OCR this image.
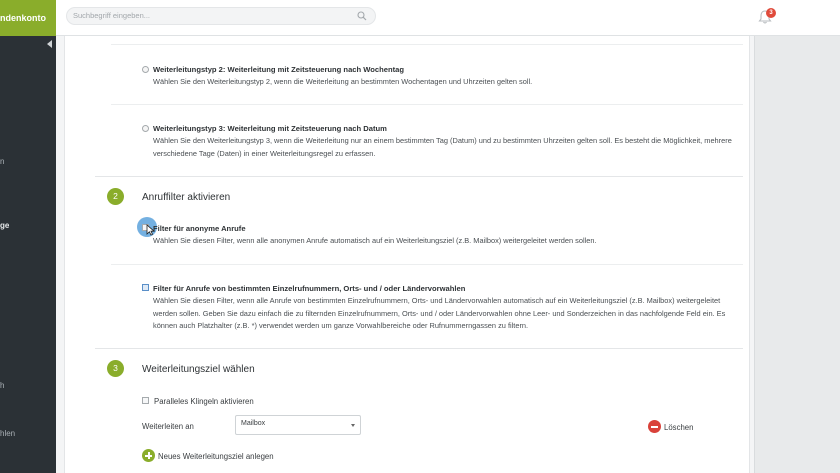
ndenkonto
n
ge
h
hlen
Suchbegriff eingeben...
3
Weiterleitungstyp 2: Weiterleitung mit Zeitsteuerung nach Wochentag
Wählen Sie den Weiterleitungstyp 2, wenn die Weiterleitung an bestimmten Wochentagen und Uhrzeiten gelten soll.
Weiterleitungstyp 3: Weiterleitung mit Zeitsteuerung nach Datum
Wählen Sie den Weiterleitungstyp 3, wenn die Weiterleitung nur an einem bestimmten Tag (Datum) und zu bestimmten Uhrzeiten gelten soll. Es besteht die Möglichkeit, mehrere verschiedene Tage (Daten) in einer Weiterleitungsregel zu erfassen.
2	Anruffilter aktivieren
Filter für anonyme Anrufe
Wählen Sie diesen Filter, wenn alle anonymen Anrufe automatisch auf ein Weiterleitungsziel (z.B. Mailbox) weitergeleitet werden sollen.
Filter für Anrufe von bestimmten Einzelrufnummern, Orts- und / oder Ländervorwahlen
Wählen Sie diesen Filter, wenn alle Anrufe von bestimmten Einzelrufnummern, Orts- und Ländervorwahlen automatisch auf ein Weiterleitungsziel (z.B. Mailbox) weitergeleitet werden sollen. Geben Sie dazu einfach die zu filternden Einzelrufnummern, Orts- und / oder Ländervorwahlen ohne Leer- und Sonderzeichen in das nachfolgende Feld ein. Es können auch Platzhalter (z.B. *) verwendet werden um ganze Vorwahlbereiche oder Rufnummerngassen zu filtern.
3	Weiterleitungsziel wählen
Paralleles Klingeln aktivieren
Weiterleiten an	Mailbox	Löschen
Neues Weiterleitungsziel anlegen
